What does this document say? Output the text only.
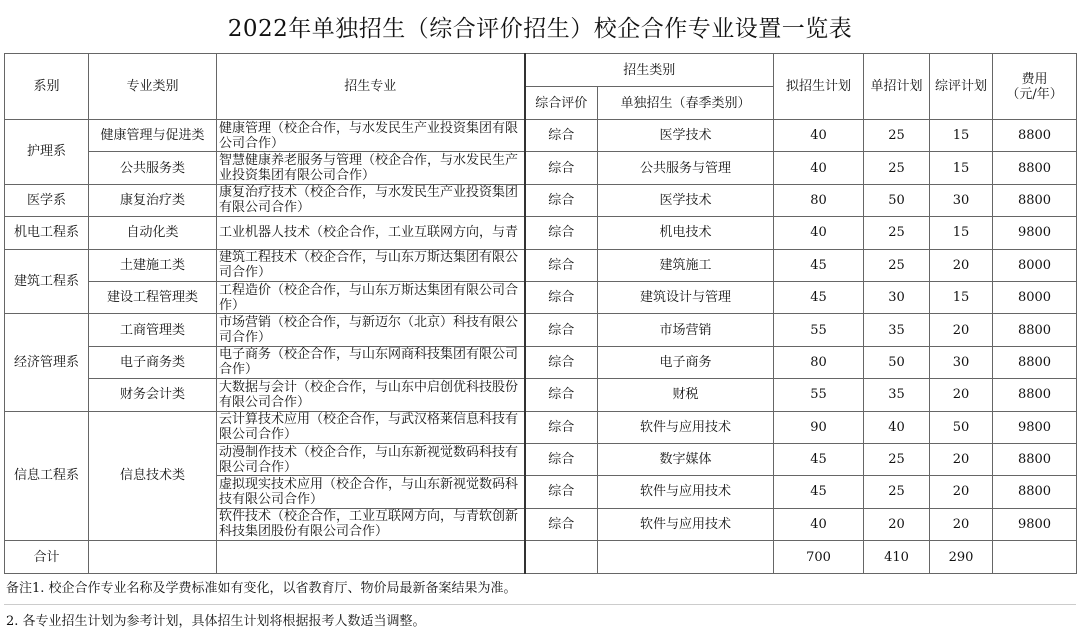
2022年单独招生（综合评价招生）校企合作专业设置一览表
系别	专业类别	招生专业	招生类别		拟招生计划	单招计划	综评计划	费用
（元/年）
			综合评价	单独招生（春季类别）				
护理系	健康管理与促进类	健康管理（校企合作，与水发民生产业投资集团有限公司合作）	综合	医学技术	40	25	15	8800
	公共服务类	智慧健康养老服务与管理（校企合作，与水发民生产业投资集团有限公司合作）	综合	公共服务与管理	40	25	15	8800
医学系	康复治疗类	康复治疗技术（校企合作，与水发民生产业投资集团有限公司合作）	综合	医学技术	80	50	30	8800
机电工程系	自动化类	工业机器人技术（校企合作，工业互联网方向，与青	综合	机电技术	40	25	15	9800
建筑工程系	土建施工类	建筑工程技术（校企合作，与山东万斯达集团有限公司合作）	综合	建筑施工	45	25	20	8000
	建设工程管理类	工程造价（校企合作，与山东万斯达集团有限公司合作）	综合	建筑设计与管理	45	30	15	8000
经济管理系	工商管理类	市场营销（校企合作，与新迈尔（北京）科技有限公司合作）	综合	市场营销	55	35	20	8800
	电子商务类	电子商务（校企合作，与山东网商科技集团有限公司合作）	综合	电子商务	80	50	30	8800
	财务会计类	大数据与会计（校企合作，与山东中启创优科技股份有限公司合作）	综合	财税	55	35	20	8800
信息工程系	信息技术类	云计算技术应用（校企合作，与武汉格莱信息科技有限公司合作）	综合	软件与应用技术	90	40	50	9800
		动漫制作技术（校企合作，与山东新视觉数码科技有限公司合作）	综合	数字媒体	45	25	20	8800
		虚拟现实技术应用（校企合作，与山东新视觉数码科技有限公司合作）	综合	软件与应用技术	45	25	20	8800
		软件技术（校企合作，工业互联网方向，与青软创新科技集团股份有限公司合作）	综合	软件与应用技术	40	20	20	9800
合计					700	410	290	
备注1. 校企合作专业名称及学费标准如有变化，以省教育厅、物价局最新备案结果为准。
2. 各专业招生计划为参考计划，具体招生计划将根据报考人数适当调整。
